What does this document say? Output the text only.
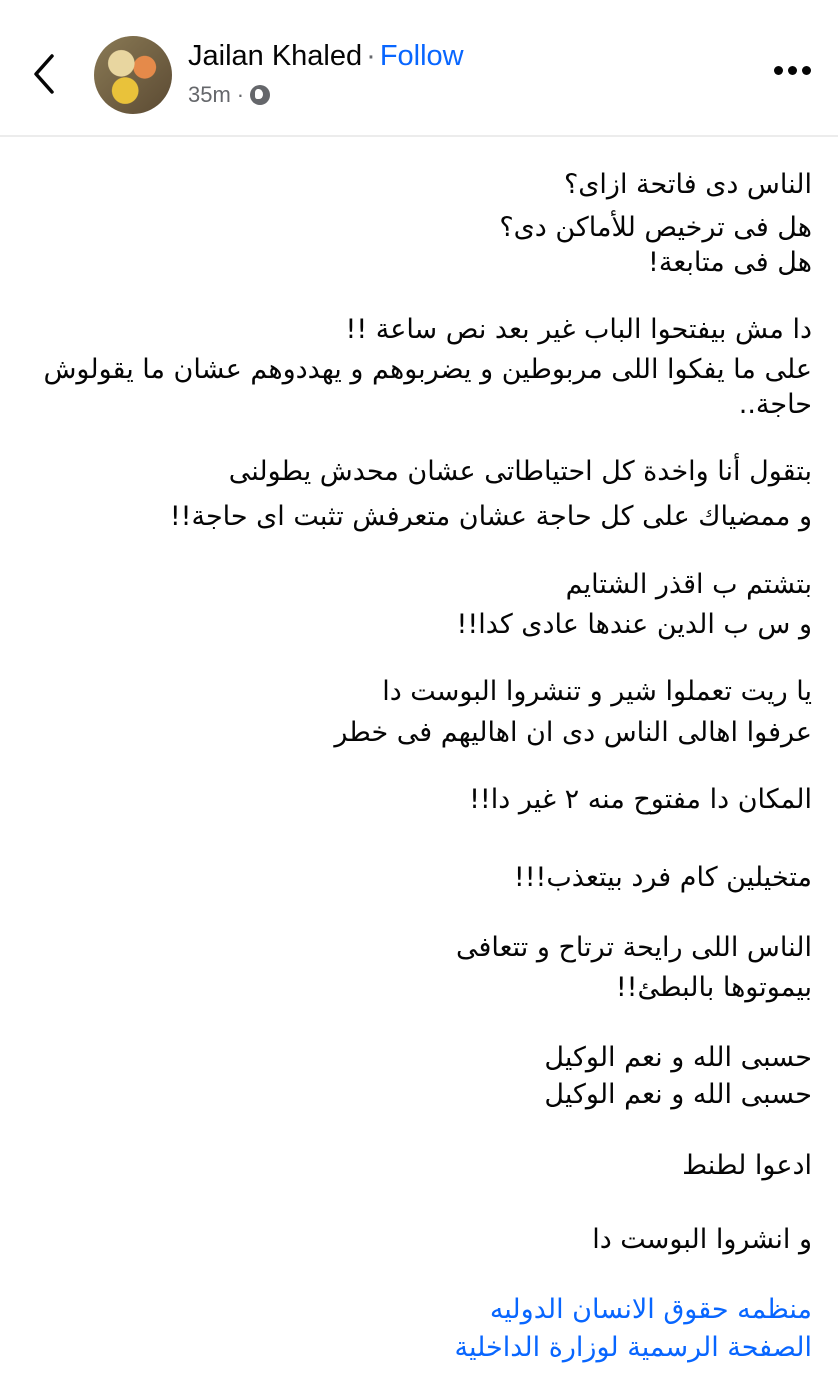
Jailan Khaled · Follow
35m ·
الناس دى فاتحة ازاى؟
هل فى ترخيص للأماكن دى؟
هل فى متابعة!
دا مش بيفتحوا الباب غير بعد نص ساعة !!
على ما يفكوا اللى مربوطين و يضربوهم و يهددوهم عشان ما يقولوش
حاجة..
بتقول أنا واخدة كل احتياطاتى عشان محدش يطولنى
و ممضياك على كل حاجة عشان متعرفش تثبت اى حاجة!!
بتشتم ب اقذر الشتايم
و س ب الدين عندها عادى كدا!!
يا ريت تعملوا شير و تنشروا البوست دا
عرفوا اهالى الناس دى ان اهاليهم فى خطر
المكان دا مفتوح منه ٢ غير دا!!
متخيلين كام فرد بيتعذب!!!
الناس اللى رايحة ترتاح و تتعافى
بيموتوها بالبطئ!!
حسبى الله و نعم الوكيل
حسبى الله و نعم الوكيل
ادعوا لطنط
و انشروا البوست دا
منظمه حقوق الانسان الدوليه
الصفحة الرسمية لوزارة الداخلية
